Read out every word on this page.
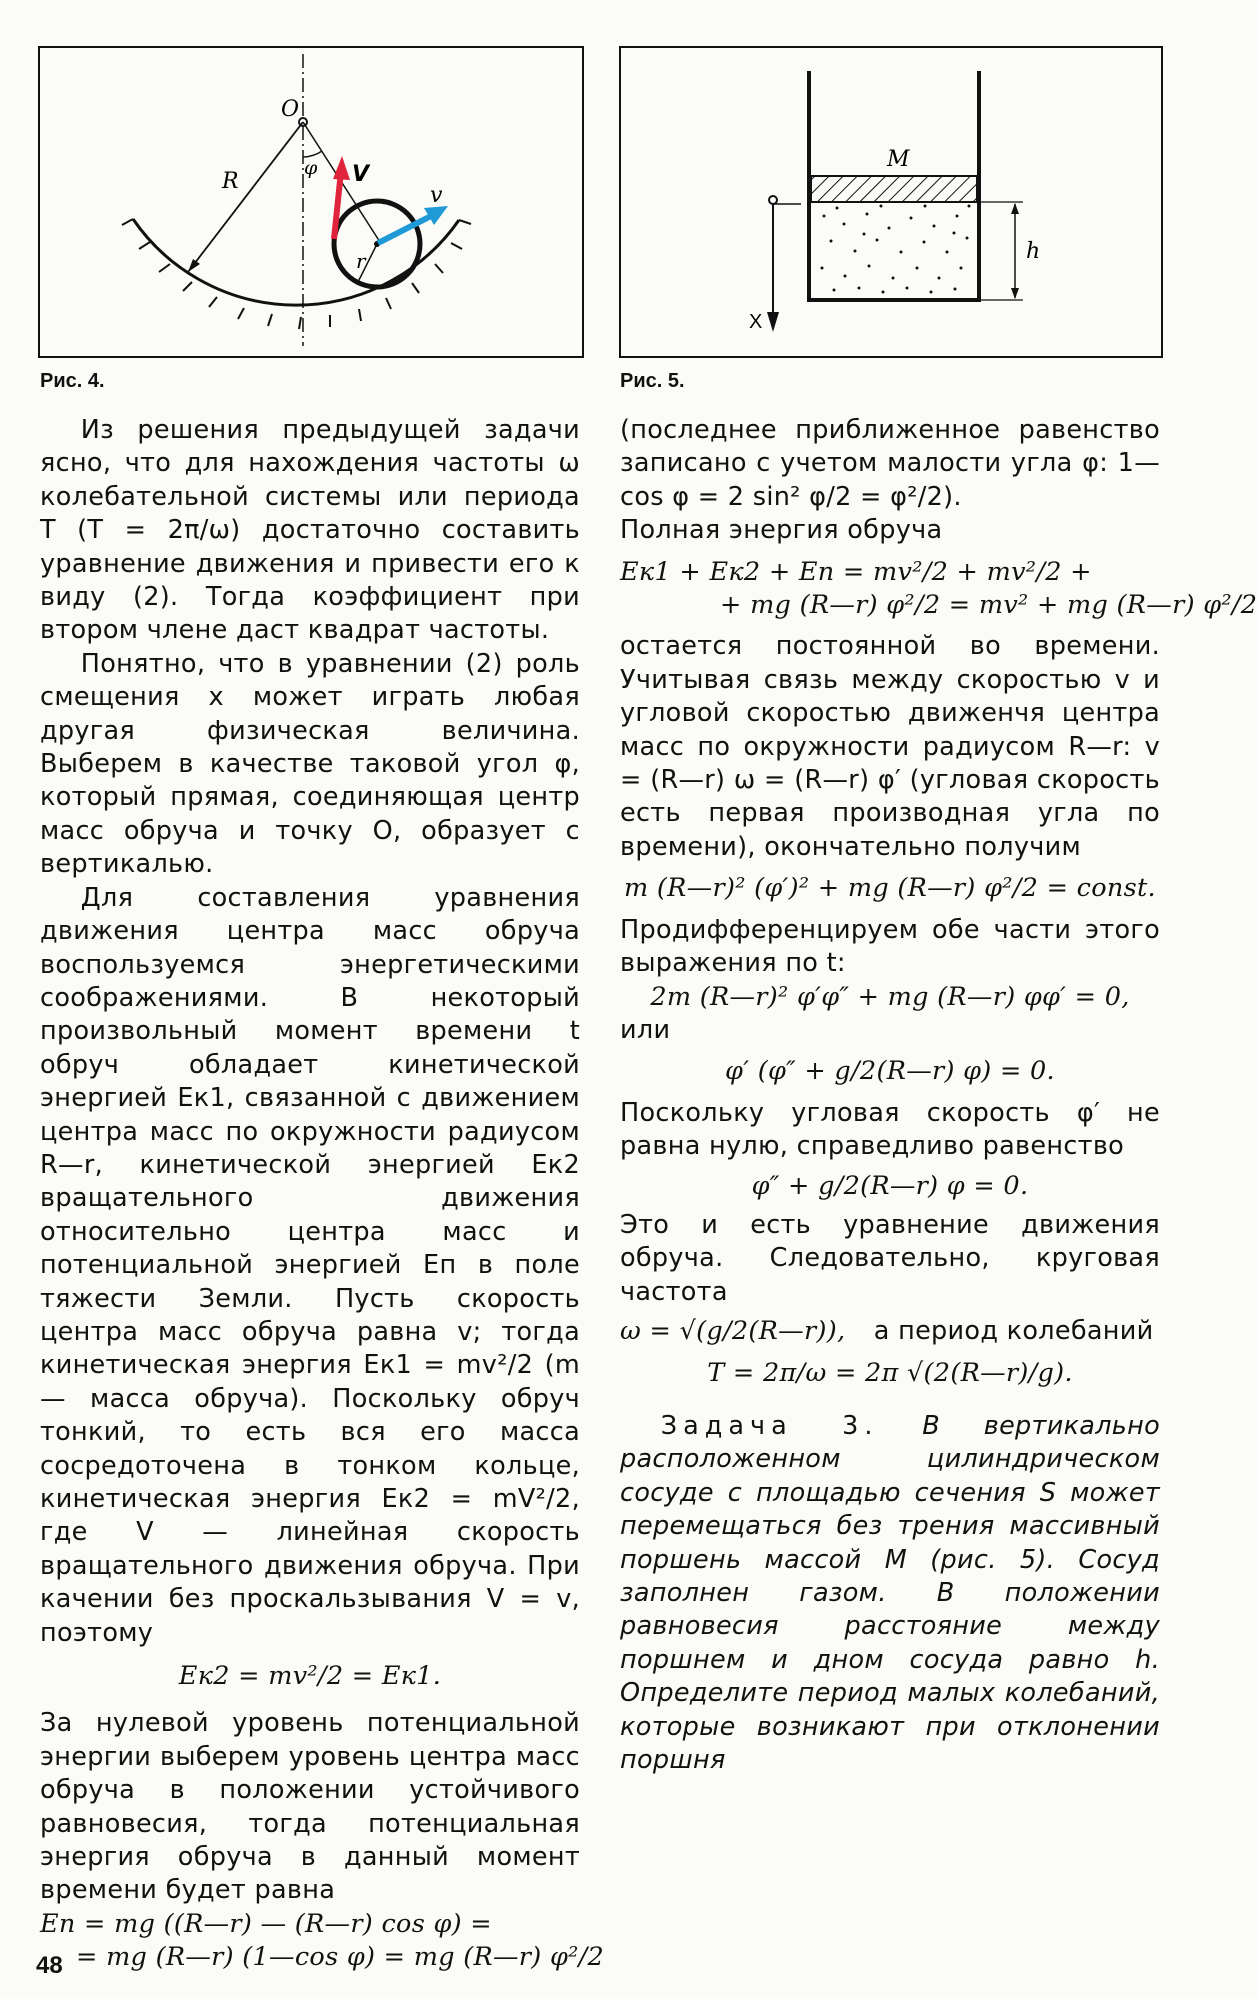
O
R
φ
r
V
v
Рис. 4.
M
X
h
Рис. 5.

Из решения предыдущей задачи ясно, что для нахождения частоты ω колебательной системы или периода T (T = 2π/ω) достаточно составить уравнение движения и привести его к виду (2). Тогда коэффициент при втором члене даст квадрат частоты.

Понятно, что в уравнении (2) роль смещения x может играть любая другая физическая величина. Выберем в качестве таковой угол φ, который прямая, соединяющая центр масс обруча и точку O, образует с вертикалью.

Для составления уравнения движения центра масс обруча воспользуемся энергетическими соображениями. В некоторый произвольный момент времени t обруч обладает кинетической энергией Eк1, связанной с движением центра масс по окружности радиусом R—r, кинетической энергией Eк2 вращательного движения относительно центра масс и потенциальной энергией Eп в поле тяжести Земли. Пусть скорость центра масс обруча равна v; тогда кинетическая энергия Eк1 = mv²/2 (m — масса обруча). Поскольку обруч тонкий, то есть вся его масса сосредоточена в тонком кольце, кинетическая энергия Eк2 = mV²/2, где V — линейная скорость вращательного движения обруча. При качении без проскальзывания V = v, поэтому

Eк2 = mv²/2 = Eк1.

За нулевой уровень потенциальной энергии выберем уровень центра масс обруча в положении устойчивого равновесия, тогда потенциальная энергия обруча в данный момент времени будет равна

Eп = mg ((R—r) — (R—r) cos φ) =
= mg (R—r) (1—cos φ) = mg (R—r) φ²/2

(последнее приближенное равенство записано с учетом малости угла φ: 1—cos φ = 2 sin² φ/2 = φ²/2).

Полная энергия обруча

Eк1 + Eк2 + Eп = mv²/2 + mv²/2 +
+ mg (R—r) φ²/2 = mv² + mg (R—r) φ²/2

остается постоянной во времени. Учитывая связь между скоростью v и угловой скоростью движенчя центра масс по окружности радиусом R—r: v = (R—r) ω = (R—r) φ′ (угловая скорость есть первая производная угла по времени), окончательно получим

m (R—r)² (φ′)² + mg (R—r) φ²/2 = const.

Продифференцируем обе части этого выражения по t:

2m (R—r)² φ′φ″ + mg (R—r) φφ′ = 0,

или

φ′ (φ″ + g/2(R—r) φ) = 0.

Поскольку угловая скорость φ′ не равна нулю, справедливо равенство

φ″ + g/2(R—r) φ = 0.

Это и есть уравнение движения обруча. Следовательно, круговая частота

ω = √(g/2(R—r)), а период колебаний
T = 2π/ω = 2π √(2(R—r)/g).

Задача 3. В вертикально расположенном цилиндрическом сосуде с площадью сечения S может перемещаться без трения массивный поршень массой M (рис. 5). Сосуд заполнен газом. В положении равновесия расстояние между поршнем и дном сосуда равно h. Определите период малых колебаний, которые возникают при отклонении поршня

48
